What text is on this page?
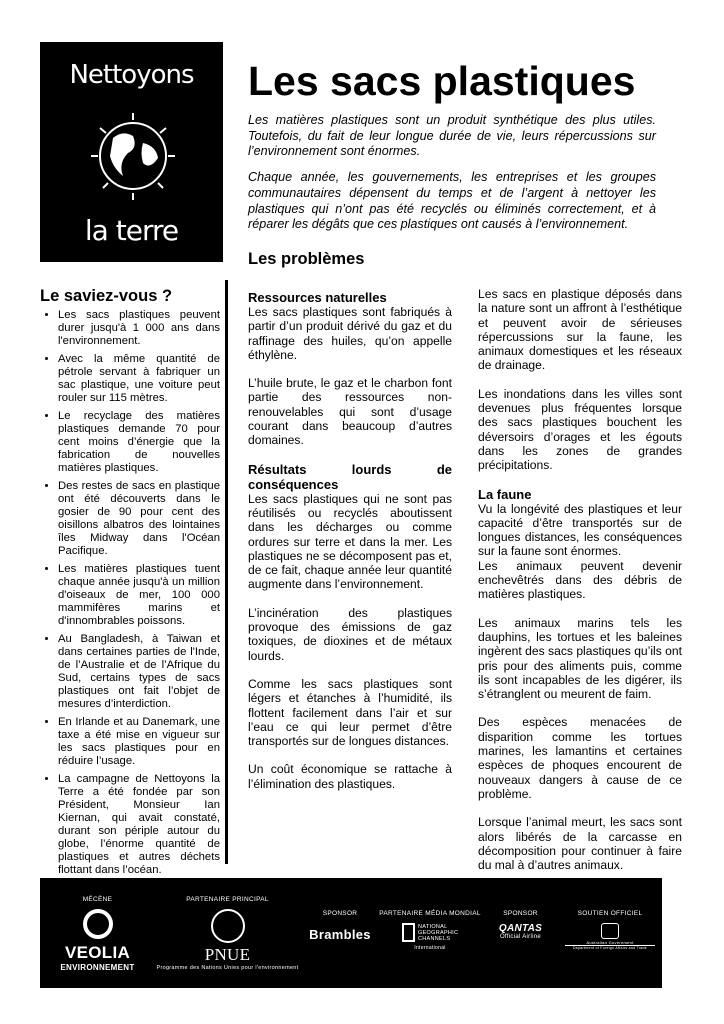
Nettoyons
la terre
Les sacs plastiques

Les matières plastiques sont un produit synthétique des plus utiles. Toutefois, du fait de leur longue durée de vie, leurs répercussions sur l’environnement sont énormes.

Chaque année, les gouvernements, les entreprises et les groupes communautaires dépensent du temps et de l’argent à nettoyer les plastiques qui n’ont pas été recyclés ou éliminés correctement, et à réparer les dégâts que ces plastiques ont causés à l’environnement.

Les problèmes
Le saviez-vous ?
• Les sacs plastiques peuvent durer jusqu'à 1 000 ans dans l'environnement.
• Avec la même quantité de pétrole servant à fabriquer un sac plastique, une voiture peut rouler sur 115 mètres.
• Le recyclage des matières plastiques demande 70 pour cent moins d’énergie que la fabrication de nouvelles matières plastiques.
• Des restes de sacs en plastique ont été découverts dans le gosier de 90 pour cent des oisillons albatros des lointaines îles Midway dans l'Océan Pacifique.
• Les matières plastiques tuent chaque année jusqu'à un million d'oiseaux de mer, 100 000 mammifères marins et d'innombrables poissons.
• Au Bangladesh, à Taiwan et dans certaines parties de l'Inde, de l’Australie et de l’Afrique du Sud, certains types de sacs plastiques ont fait l’objet de mesures d’interdiction.
• En Irlande et au Danemark, une taxe a été mise en vigueur sur les sacs plastiques pour en réduire l’usage.
• La campagne de Nettoyons la Terre a été fondée par son Président, Monsieur Ian Kiernan, qui avait constaté, durant son périple autour du globe, l’énorme quantité de plastiques et autres déchets flottant dans l’océan.
Ressources naturelles

Les sacs plastiques sont fabriqués à partir d’un produit dérivé du gaz et du raffinage des huiles, qu’on appelle éthylène.

L’huile brute, le gaz et le charbon font partie des ressources non-renouvelables qui sont d’usage courant dans beaucoup d’autres domaines.

Résultats lourds de conséquences

Les sacs plastiques qui ne sont pas réutilisés ou recyclés aboutissent dans les décharges ou comme ordures sur terre et dans la mer. Les plastiques ne se décomposent pas et, de ce fait, chaque année leur quantité augmente dans l’environnement.

L’incinération des plastiques provoque des émissions de gaz toxiques, de dioxines et de métaux lourds.

Comme les sacs plastiques sont légers et étanches à l’humidité, ils flottent facilement dans l’air et sur l’eau ce qui leur permet d’être transportés sur de longues distances.

Un coût économique se rattache à l’élimination des plastiques.

Les sacs en plastique déposés dans la nature sont un affront à l’esthétique et peuvent avoir de sérieuses répercussions sur la faune, les animaux domestiques et les réseaux de drainage.

Les inondations dans les villes sont devenues plus fréquentes lorsque des sacs plastiques bouchent les déversoirs d’orages et les égouts dans les zones de grandes précipitations.

La faune

Vu la longévité des plastiques et leur capacité d’être transportés sur de longues distances, les conséquences sur la faune sont énormes.

Les animaux peuvent devenir enchevêtrés dans des débris de matières plastiques.

Les animaux marins tels les dauphins, les tortues et les baleines ingèrent des sacs plastiques qu’ils ont pris pour des aliments puis, comme ils sont incapables de les digérer, ils s’étranglent ou meurent de faim.

Des espèces menacées de disparition comme les tortues marines, les lamantins et certaines espèces de phoques encourent de nouveaux dangers à cause de ce problème.

Lorsque l’animal meurt, les sacs sont alors libérés de la carcasse en décomposition pour continuer à faire du mal à d’autres animaux.

MÉCÈNE
VEOLIA
ENVIRONNEMENT
PARTENAIRE PRINCIPAL
PNUE
Programme des Nations Unies pour l'environnement
SPONSOR
Brambles
PARTENAIRE MÉDIA MONDIAL
NATIONAL GEOGRAPHIC CHANNELS
International
SPONSOR
QANTAS
Official Airline
SOUTIEN OFFICIEL
Australian Government
Department of Foreign Affairs and Trade
